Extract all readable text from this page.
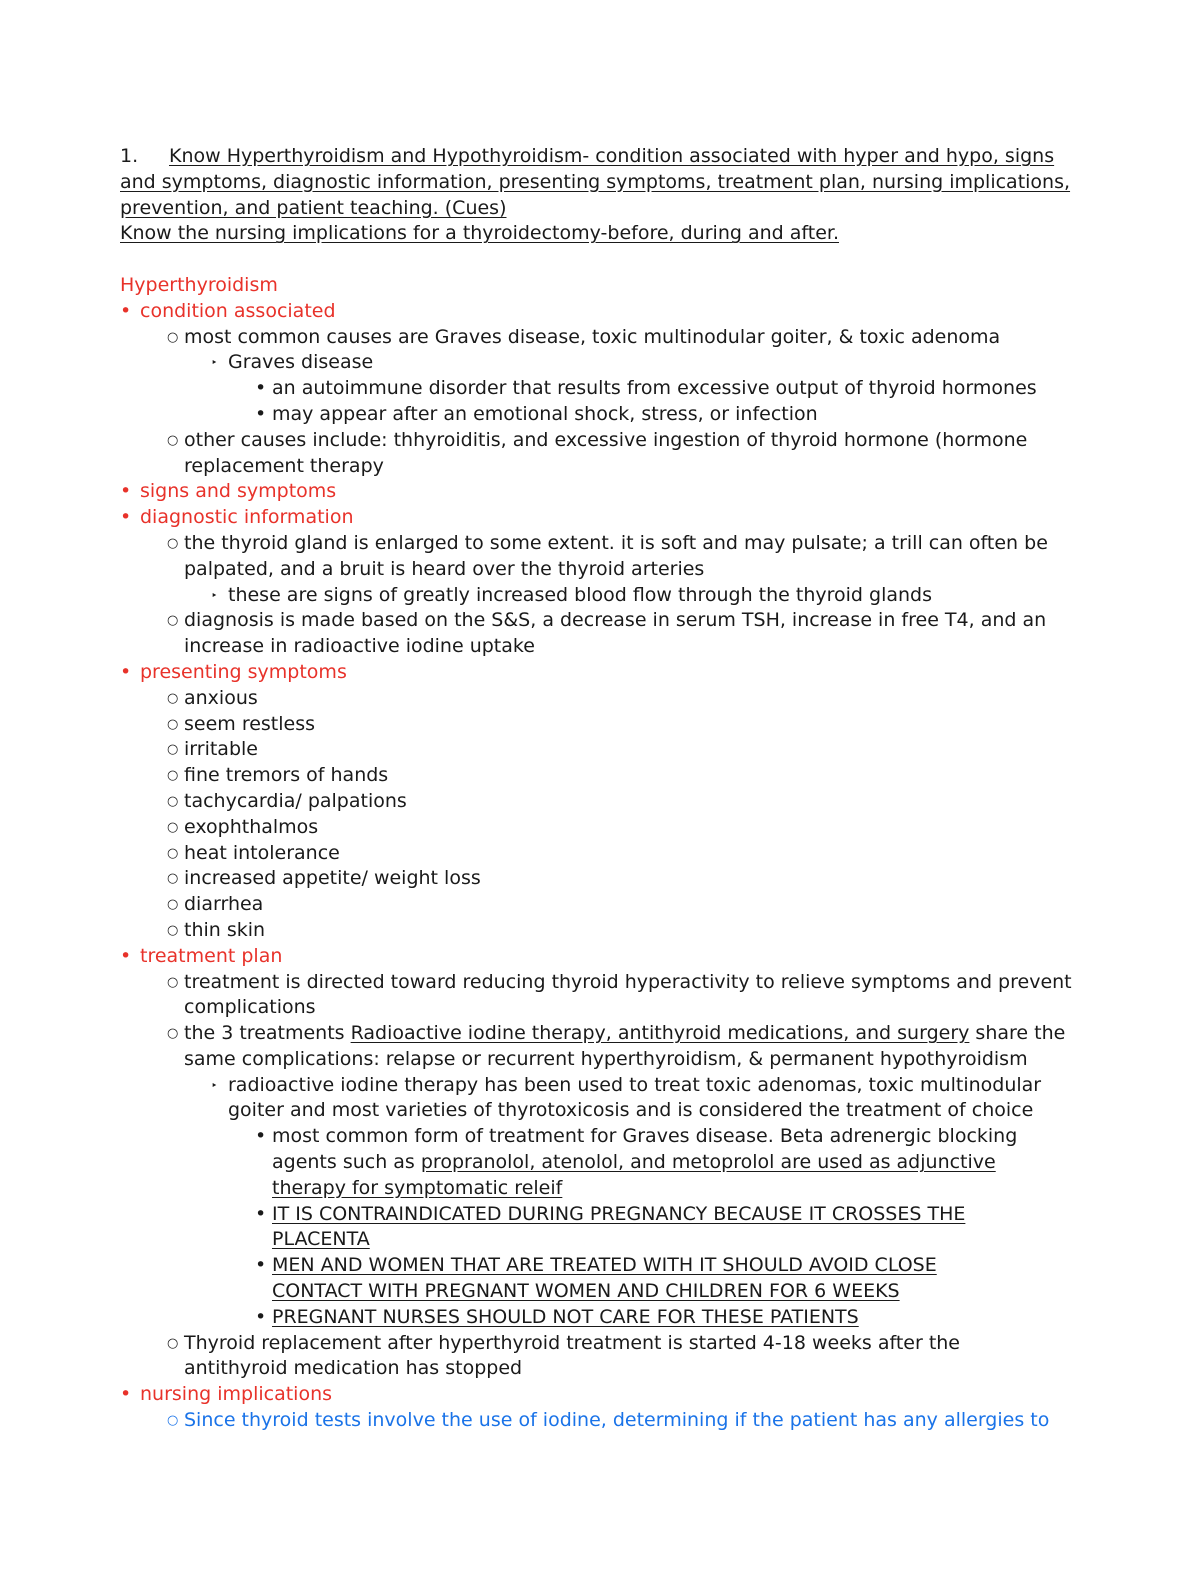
1. Know Hyperthyroidism and Hypothyroidism- condition associated with hyper and hypo, signs
and symptoms, diagnostic information, presenting symptoms, treatment plan, nursing implications,
prevention, and patient teaching. (Cues)
Know the nursing implications for a thyroidectomy-before, during and after.
Hyperthyroidism
• condition associated
○ most common causes are Graves disease, toxic multinodular goiter, & toxic adenoma
‣ Graves disease
• an autoimmune disorder that results from excessive output of thyroid hormones
• may appear after an emotional shock, stress, or infection
○ other causes include: thhyroiditis, and excessive ingestion of thyroid hormone (hormone
replacement therapy
• signs and symptoms
• diagnostic information
○ the thyroid gland is enlarged to some extent. it is soft and may pulsate; a trill can often be
palpated, and a bruit is heard over the thyroid arteries
‣ these are signs of greatly increased blood flow through the thyroid glands
○ diagnosis is made based on the S&S, a decrease in serum TSH, increase in free T4, and an
increase in radioactive iodine uptake
• presenting symptoms
○ anxious
○ seem restless
○ irritable
○ fine tremors of hands
○ tachycardia/ palpations
○ exophthalmos
○ heat intolerance
○ increased appetite/ weight loss
○ diarrhea
○ thin skin
• treatment plan
○ treatment is directed toward reducing thyroid hyperactivity to relieve symptoms and prevent
complications
○ the 3 treatments Radioactive iodine therapy, antithyroid medications, and surgery share the
same complications: relapse or recurrent hyperthyroidism, & permanent hypothyroidism
‣ radioactive iodine therapy has been used to treat toxic adenomas, toxic multinodular
goiter and most varieties of thyrotoxicosis and is considered the treatment of choice
• most common form of treatment for Graves disease. Beta adrenergic blocking
agents such as propranolol, atenolol, and metoprolol are used as adjunctive
therapy for symptomatic releif
• IT IS CONTRAINDICATED DURING PREGNANCY BECAUSE IT CROSSES THE
PLACENTA
• MEN AND WOMEN THAT ARE TREATED WITH IT SHOULD AVOID CLOSE
CONTACT WITH PREGNANT WOMEN AND CHILDREN FOR 6 WEEKS
• PREGNANT NURSES SHOULD NOT CARE FOR THESE PATIENTS
○ Thyroid replacement after hyperthyroid treatment is started 4-18 weeks after the
antithyroid medication has stopped
• nursing implications
○ Since thyroid tests involve the use of iodine, determining if the patient has any allergies to
